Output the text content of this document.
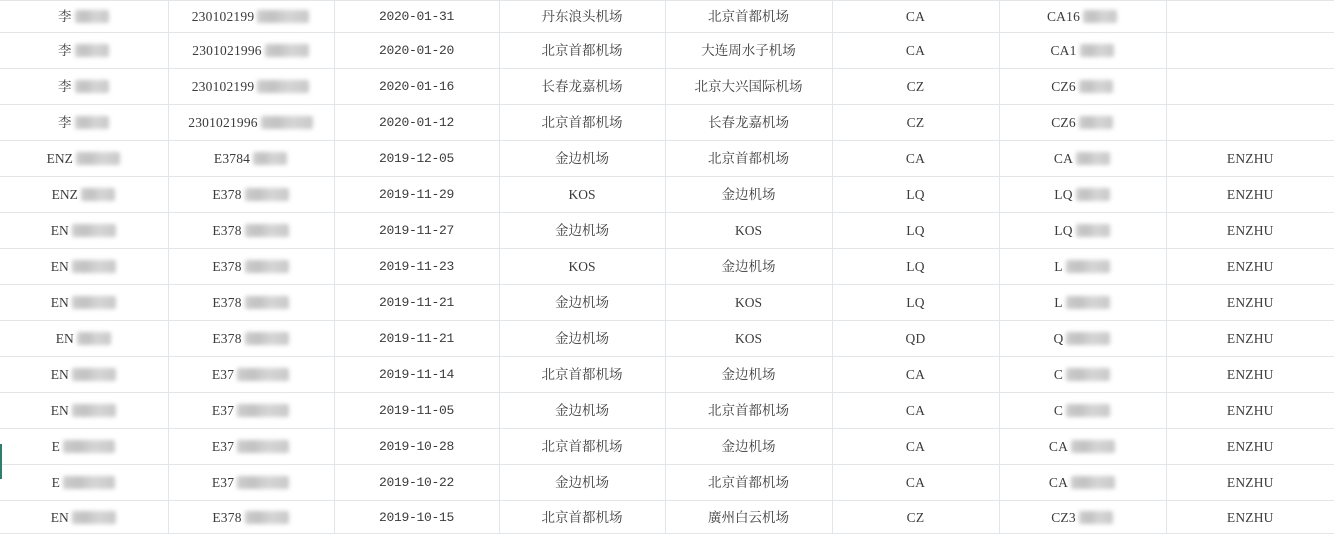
李	230102199	2020-01-31	丹东浪头机场	北京首都机场	CA	CA16	

李	2301021996	2020-01-20	北京首都机场	大连周水子机场	CA	CA1	

李	230102199	2020-01-16	长春龙嘉机场	北京大兴国际机场	CZ	CZ6	

李	2301021996	2020-01-12	北京首都机场	长春龙嘉机场	CZ	CZ6	

ENZ	E3784	2019-12-05	金边机场	北京首都机场	CA	CA	ENZHU

ENZ	E378	2019-11-29	KOS	金边机场	LQ	LQ	ENZHU

EN	E378	2019-11-27	金边机场	KOS	LQ	LQ	ENZHU

EN	E378	2019-11-23	KOS	金边机场	LQ	L	ENZHU

EN	E378	2019-11-21	金边机场	KOS	LQ	L	ENZHU

EN	E378	2019-11-21	金边机场	KOS	QD	Q	ENZHU

EN	E37	2019-11-14	北京首都机场	金边机场	CA	C	ENZHU

EN	E37	2019-11-05	金边机场	北京首都机场	CA	C	ENZHU

E	E37	2019-10-28	北京首都机场	金边机场	CA	CA	ENZHU

E	E37	2019-10-22	金边机场	北京首都机场	CA	CA	ENZHU

EN	E378	2019-10-15	北京首都机场	廣州白云机场	CZ	CZ3	ENZHU
